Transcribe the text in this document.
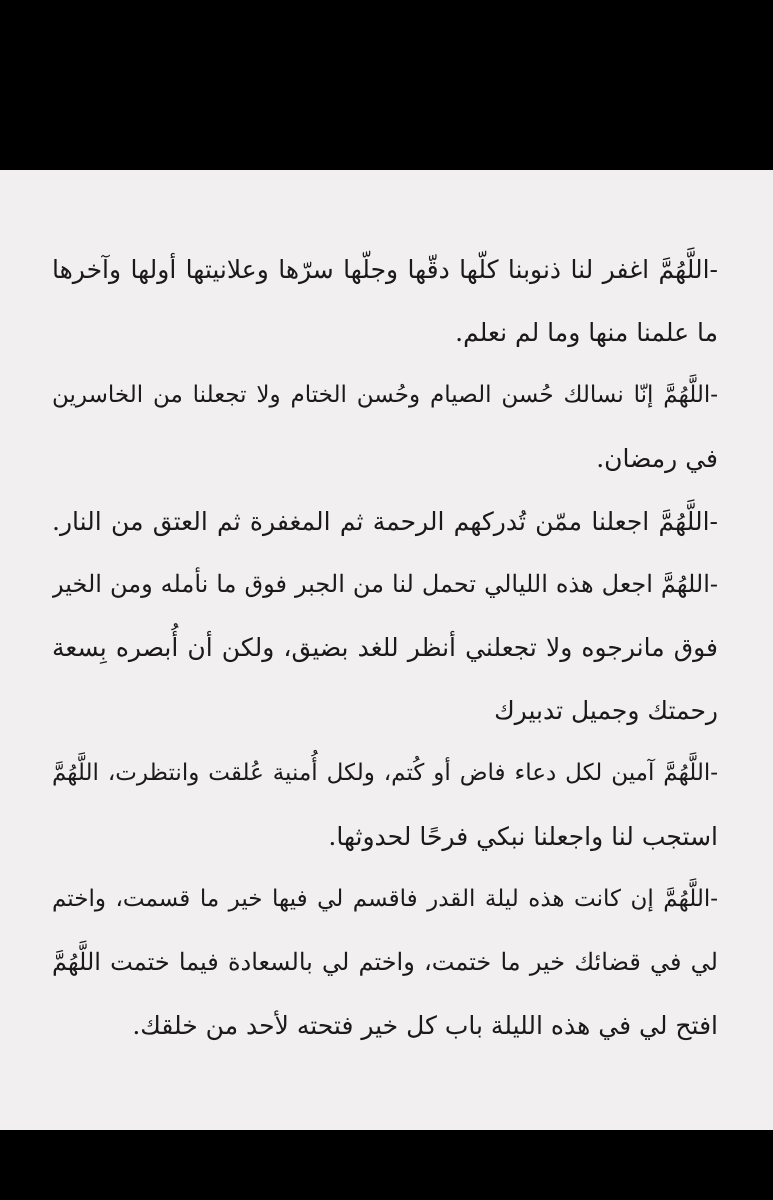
-اللَّهُمَّ اغفر لنا ذنوبنا كلّها دقّها وجلّها سرّها وعلانيتها أولها وآخرها
ما علمنا منها وما لم نعلم.
-اللَّهُمَّ إنّا نسالك حُسن الصيام وحُسن الختام ولا تجعلنا من الخاسرين
في رمضان.
-اللَّهُمَّ اجعلنا ممّن تُدركهم الرحمة ثم المغفرة ثم العتق من النار.
-اللهُمَّ اجعل هذه الليالي تحمل لنا من الجبر فوق ما نأمله ومن الخير
فوق مانرجوه ولا تجعلني أنظر للغد بضيق، ولكن أن أُبصره بِسعة
رحمتك وجميل تدبيرك
-اللَّهُمَّ آمين لكل دعاء فاض أو كُتم، ولكل أُمنية عُلقت وانتظرت، اللَّهُمَّ
استجب لنا واجعلنا نبكي فرحًا لحدوثها.
-اللَّهُمَّ إن كانت هذه ليلة القدر فاقسم لي فيها خير ما قسمت، واختم
لي في قضائك خير ما ختمت، واختم لي بالسعادة فيما ختمت اللَّهُمَّ
افتح لي في هذه الليلة باب كل خير فتحته لأحد من خلقك.
